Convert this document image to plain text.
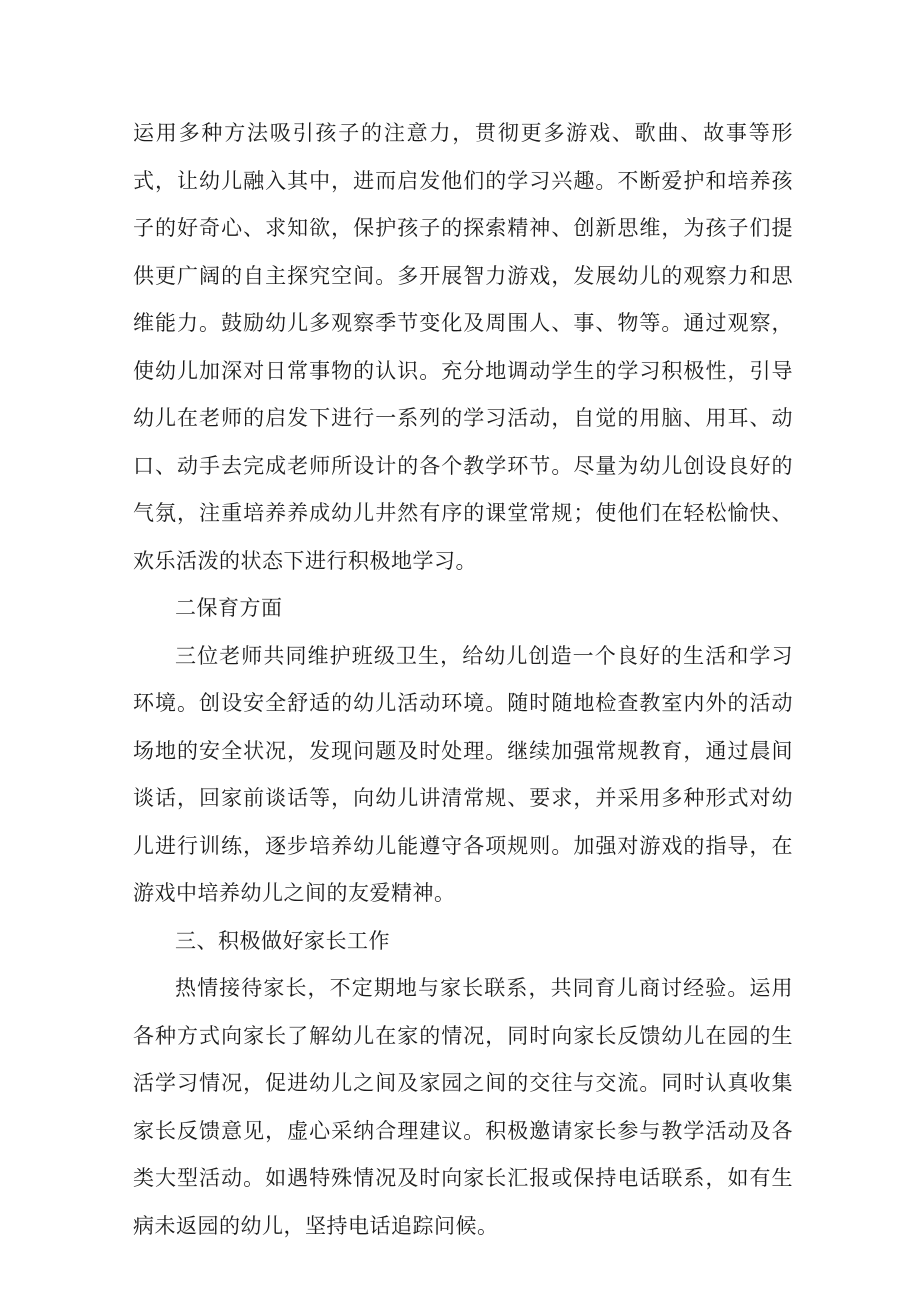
运用多种方法吸引孩子的注意力，贯彻更多游戏、歌曲、故事等形式，让幼儿融入其中，进而启发他们的学习兴趣。不断爱护和培养孩子的好奇心、求知欲，保护孩子的探索精神、创新思维，为孩子们提供更广阔的自主探究空间。多开展智力游戏，发展幼儿的观察力和思维能力。鼓励幼儿多观察季节变化及周围人、事、物等。通过观察，使幼儿加深对日常事物的认识。充分地调动学生的学习积极性，引导幼儿在老师的启发下进行一系列的学习活动，自觉的用脑、用耳、动口、动手去完成老师所设计的各个教学环节。尽量为幼儿创设良好的气氛，注重培养养成幼儿井然有序的课堂常规；使他们在轻松愉快、欢乐活泼的状态下进行积极地学习。

二保育方面

三位老师共同维护班级卫生，给幼儿创造一个良好的生活和学习环境。创设安全舒适的幼儿活动环境。随时随地检查教室内外的活动场地的安全状况，发现问题及时处理。继续加强常规教育，通过晨间谈话，回家前谈话等，向幼儿讲清常规、要求，并采用多种形式对幼儿进行训练，逐步培养幼儿能遵守各项规则。加强对游戏的指导，在游戏中培养幼儿之间的友爱精神。

三、积极做好家长工作

热情接待家长，不定期地与家长联系，共同育儿商讨经验。运用各种方式向家长了解幼儿在家的情况，同时向家长反馈幼儿在园的生活学习情况，促进幼儿之间及家园之间的交往与交流。同时认真收集家长反馈意见，虚心采纳合理建议。积极邀请家长参与教学活动及各类大型活动。如遇特殊情况及时向家长汇报或保持电话联系，如有生病未返园的幼儿，坚持电话追踪问候。
